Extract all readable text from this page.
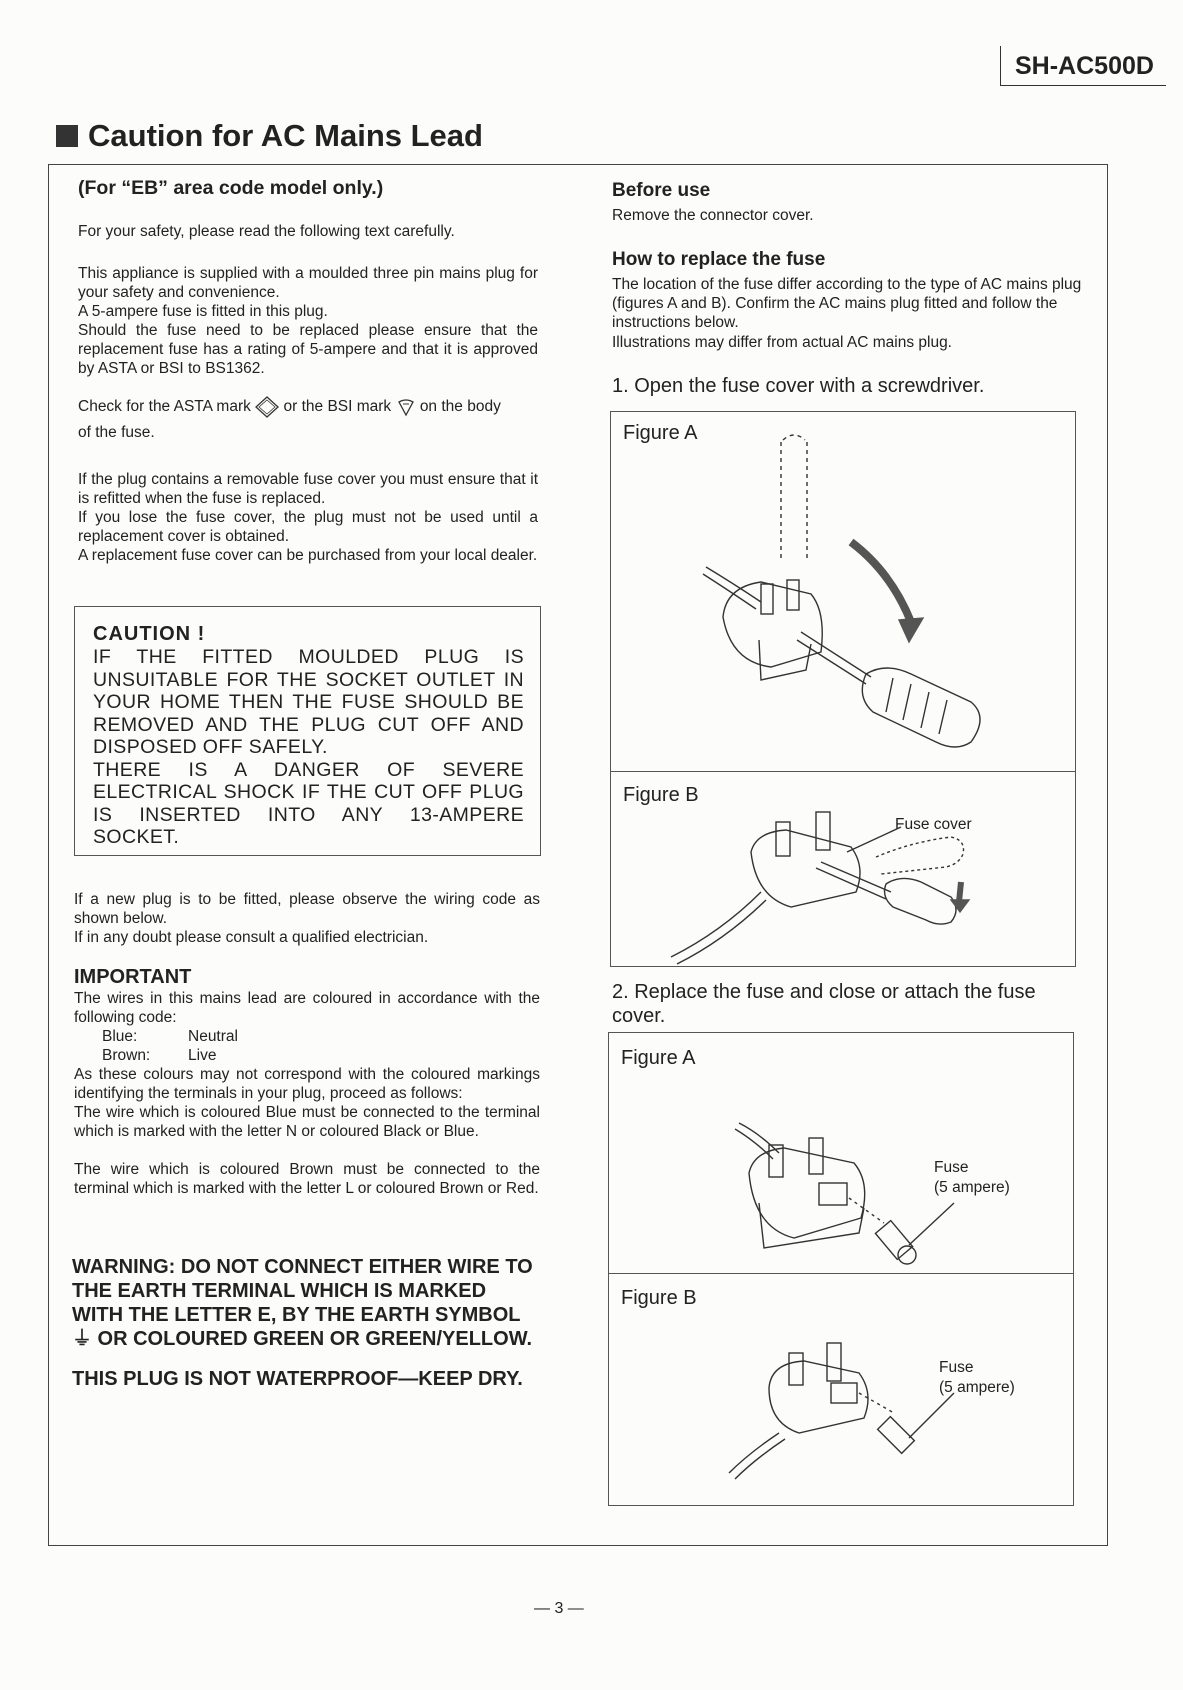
SH-AC500D
Caution for AC Mains Lead
(For “EB” area code model only.)

For your safety, please read the following text carefully.

This appliance is supplied with a moulded three pin mains plug for your safety and convenience.

A 5-ampere fuse is fitted in this plug.

Should the fuse need to be replaced please ensure that the replacement fuse has a rating of 5-ampere and that it is approved by ASTA or BSI to BS1362.

Check for the ASTA mark or the BSI mark on the body
of the fuse.

If the plug contains a removable fuse cover you must ensure that it is refitted when the fuse is replaced.

If you lose the fuse cover, the plug must not be used until a replacement cover is obtained.

A replacement fuse cover can be purchased from your local dealer.

CAUTION !
IF THE FITTED MOULDED PLUG IS UNSUITABLE FOR THE SOCKET OUTLET IN YOUR HOME THEN THE FUSE SHOULD BE REMOVED AND THE PLUG CUT OFF AND DISPOSED OFF SAFELY.
THERE IS A DANGER OF SEVERE ELECTRICAL SHOCK IF THE CUT OFF PLUG IS INSERTED INTO ANY 13-AMPERE SOCKET.

If a new plug is to be fitted, please observe the wiring code as shown below.

If in any doubt please consult a qualified electrician.

IMPORTANT

The wires in this mains lead are coloured in accordance with the following code:

Blue:	Neutral
Brown: Live

As these colours may not correspond with the coloured markings identifying the terminals in your plug, proceed as follows:

The wire which is coloured Blue must be connected to the terminal which is marked with the letter N or coloured Black or Blue.

The wire which is coloured Brown must be connected to the terminal which is marked with the letter L or coloured Brown or Red.

WARNING: DO NOT CONNECT EITHER WIRE TO THE EARTH TERMINAL WHICH IS MARKED WITH THE LETTER E, BY THE EARTH SYMBOL ⏚ OR COLOURED GREEN OR GREEN/YELLOW.
THIS PLUG IS NOT WATERPROOF—KEEP DRY.
Before use

Remove the connector cover.

How to replace the fuse

The location of the fuse differ according to the type of AC mains plug (figures A and B). Confirm the AC mains plug fitted and follow the instructions below.

Illustrations may differ from actual AC mains plug.

1. Open the fuse cover with a screwdriver.
Figure A
Figure B
Fuse cover
2. Replace the fuse and close or attach the fuse cover.
Figure A
Figure B
Fuse
(5 ampere)
Fuse
(5 ampere)
— 3 —
